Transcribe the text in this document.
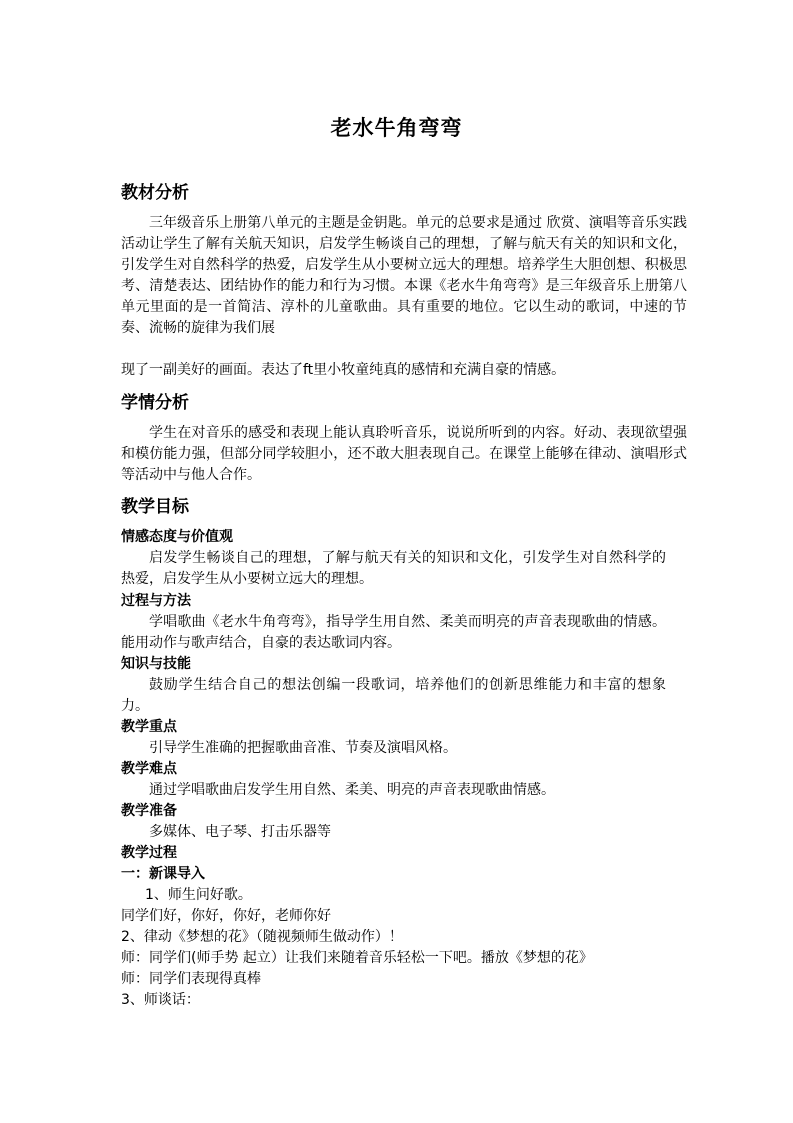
老水牛角弯弯
教材分析
三年级音乐上册第八单元的主题是金钥匙。单元的总要求是通过 欣赏、演唱等音乐实践活动让学生了解有关航天知识，启发学生畅谈自己的理想，了解与航天有关的知识和文化，引发学生对自然科学的热爱，启发学生从小要树立远大的理想。培养学生大胆创想、积极思考、清楚表达、团结协作的能力和行为习惯。本课《老水牛角弯弯》是三年级音乐上册第八单元里面的是一首简洁、淳朴的儿童歌曲。具有重要的地位。它以生动的歌词，中速的节奏、流畅的旋律为我们展
现了一副美好的画面。表达了ft里小牧童纯真的感情和充满自豪的情感。
学情分析
学生在对音乐的感受和表现上能认真聆听音乐，说说所听到的内容。好动、表现欲望强和模仿能力强，但部分同学较胆小，还不敢大胆表现自己。在课堂上能够在律动、演唱形式等活动中与他人合作。
教学目标
情感态度与价值观
启发学生畅谈自己的理想，了解与航天有关的知识和文化，引发学生对自然科学的热爱，启发学生从小要树立远大的理想。
过程与方法
学唱歌曲《老水牛角弯弯》，指导学生用自然、柔美而明亮的声音表现歌曲的情感。能用动作与歌声结合，自豪的表达歌词内容。
知识与技能
鼓励学生结合自己的想法创编一段歌词，培养他们的创新思维能力和丰富的想象力。
教学重点
引导学生准确的把握歌曲音准、节奏及演唱风格。
教学难点
通过学唱歌曲启发学生用自然、柔美、明亮的声音表现歌曲情感。
教学准备
多媒体、电子琴、打击乐器等
教学过程
一：新课导入
1、师生问好歌。
同学们好，你好，你好，老师你好
2、律动《梦想的花》（随视频师生做动作）！
师：同学们(师手势 起立）让我们来随着音乐轻松一下吧。播放《梦想的花》
师：同学们表现得真棒
3、师谈话：
